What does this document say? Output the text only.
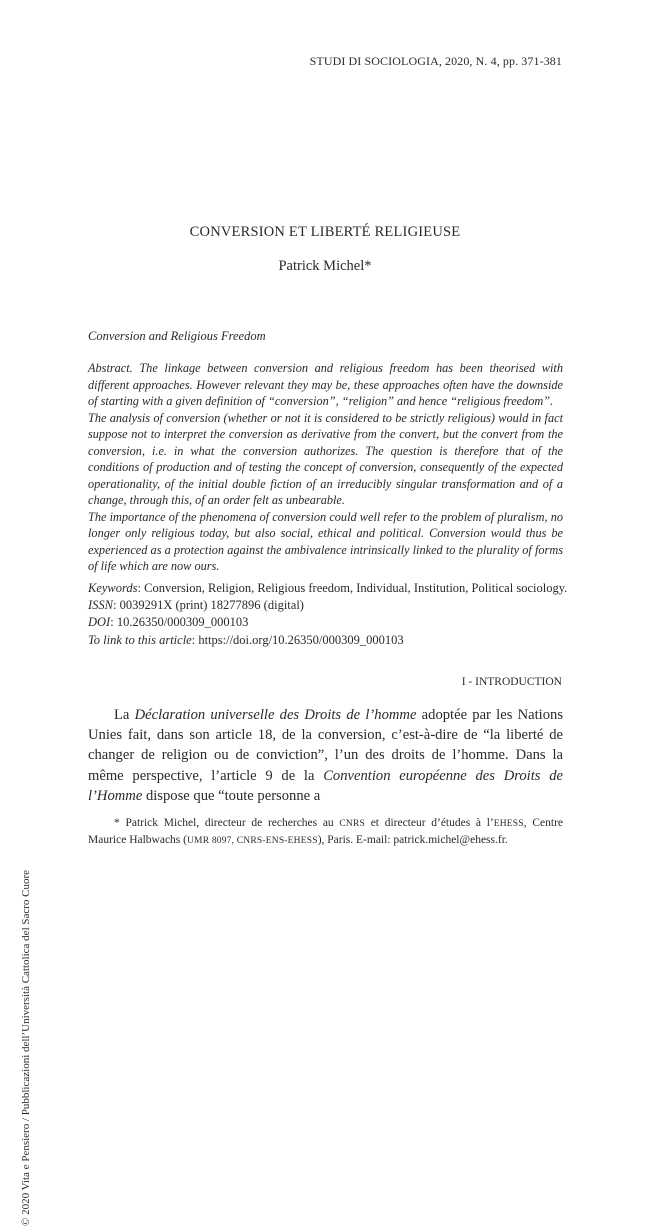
STUDI DI SOCIOLOGIA, 2020, N. 4, pp. 371-381
CONVERSION ET LIBERTÉ RELIGIEUSE
Patrick Michel*
Conversion and Religious Freedom

Abstract. The linkage between conversion and religious freedom has been theorised with different approaches. However relevant they may be, these approaches often have the downside of starting with a given definition of “conversion”, “religion” and hence “religious freedom”.

The analysis of conversion (whether or not it is considered to be strictly religious) would in fact suppose not to interpret the conversion as derivative from the convert, but the convert from the conversion, i.e. in what the conversion authorizes. The question is therefore that of the conditions of production and of testing the concept of conversion, consequently of the expected operationality, of the initial double fiction of an irreducibly singular transformation and of a change, through this, of an order felt as unbearable.

The importance of the phenomena of conversion could well refer to the problem of pluralism, no longer only religious today, but also social, ethical and political. Conversion would thus be experienced as a protection against the ambivalence intrinsically linked to the plurality of forms of life which are now ours.

Keywords: Conversion, Religion, Religious freedom, Individual, Institution, Political sociology.
ISSN: 0039291X (print) 18277896 (digital)
DOI: 10.26350/000309_000103
To link to this article: https://doi.org/10.26350/000309_000103
I - INTRODUCTION

La Déclaration universelle des Droits de l’homme adoptée par les Nations Unies fait, dans son article 18, de la conversion, c’est-à-dire de “la liberté de changer de religion ou de conviction”, l’un des droits de l’homme. Dans la même perspective, l’article 9 de la Convention européenne des Droits de l’Homme dispose que “toute personne a

* Patrick Michel, directeur de recherches au CNRS et directeur d’études à l’EHESS, Centre Maurice Halbwachs (UMR 8097, CNRS-ENS-EHESS), Paris. E-mail: patrick.michel@ehess.fr.

© 2020 Vita e Pensiero / Pubblicazioni dell’Università Cattolica del Sacro Cuore
